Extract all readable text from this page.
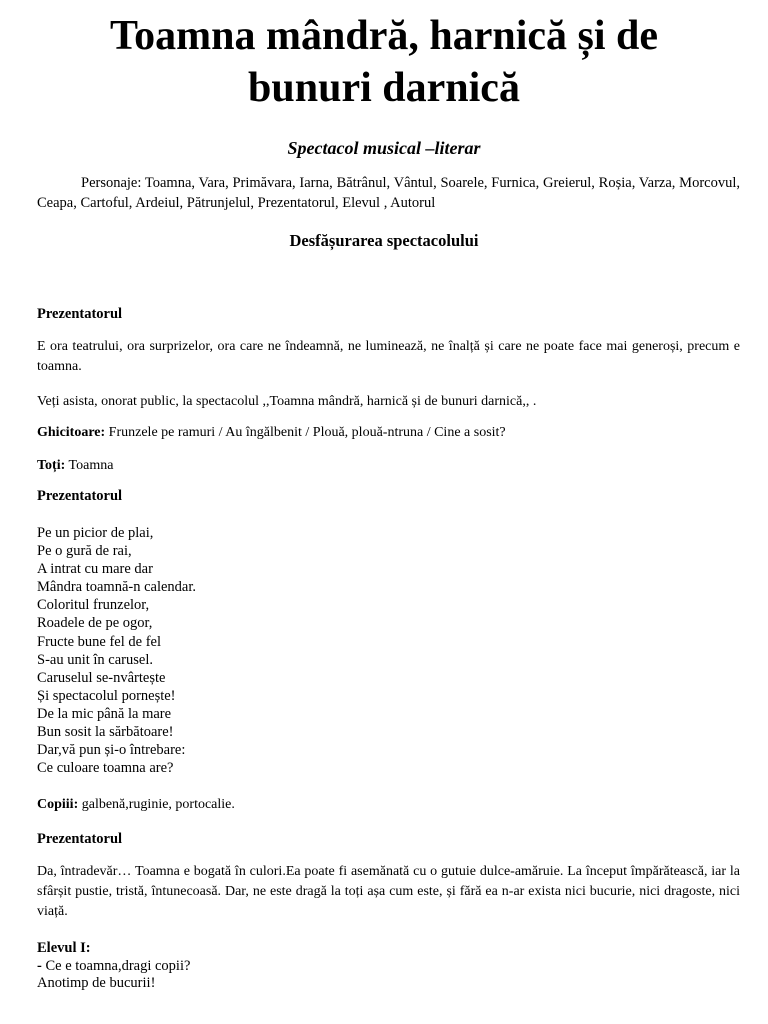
Toamna mândră, harnică și de
bunuri darnică

Spectacol musical –literar

Personaje: Toamna, Vara, Primăvara, Iarna, Bătrânul, Vântul, Soarele, Furnica, Greierul, Roșia, Varza, Morcovul, Ceapa, Cartoful, Ardeiul, Pătrunjelul, Prezentatorul, Elevul , Autorul

Desfășurarea spectacolului

Prezentatorul

E ora teatrului, ora surprizelor, ora care ne îndeamnă, ne luminează, ne înalță și care ne poate face mai generoși, precum e toamna.

Veți asista, onorat public, la spectacolul ,,Toamna mândră, harnică și de bunuri darnică,, .

Ghicitoare: Frunzele pe ramuri / Au îngălbenit / Plouă, plouă-ntruna / Cine a sosit?

Toți: Toamna

Prezentatorul

Pe un picior de plai,
Pe o gură de rai,
A intrat cu mare dar
Mândra toamnă-n calendar.
Coloritul frunzelor,
Roadele de pe ogor,
Fructe bune fel de fel
S-au unit în carusel.
Caruselul se-nvârtește
Și spectacolul pornește!
De la mic până la mare
Bun sosit la sărbătoare!
Dar,vă pun și-o întrebare:
Ce culoare toamna are?

Copiii: galbenă,ruginie, portocalie.

Prezentatorul

Da, întradevăr… Toamna e bogată în culori.Ea poate fi asemănată cu o gutuie dulce-amăruie. La început împărătească, iar la sfârșit pustie, tristă, întunecoasă. Dar, ne este dragă la toți așa cum este, și fără ea n-ar exista nici bucurie, nici dragoste, nici viață.

Elevul I:
- Ce e toamna,dragi copii?
Anotimp de bucurii!
